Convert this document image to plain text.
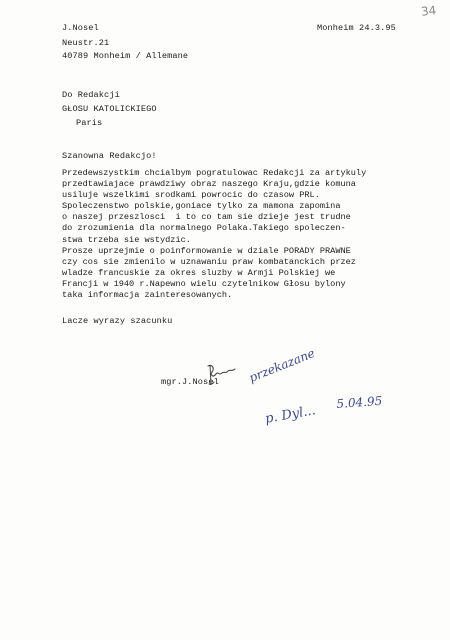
34
J.Nosel
Neustr.21
40789 Monheim / Allemane
Monheim 24.3.95
Do Redakcji
GŁOSU KATOLICKIEGO
Paris
Szanowna Redakcjo!
Przedewszystkim chcialbym pogratulowac Redakcji za artykuly
przedtawiajace prawdziwy obraz naszego Kraju,gdzie komuna
usiluje wszelkimi srodkami powrocic do czasow PRL.
Spoleczenstwo polskie,goniace tylko za mamona zapomina
o naszej przeszlosci  i to co tam sie dzieje jest trudne
do zrozumienia dla normalnego Polaka.Takiego spoleczen-
stwa trzeba sie wstydzic.
Prosze uprzejmie o poinformowanie w dziale PORADY PRAWNE
czy cos sie zmienilo w uznawaniu praw kombatanckich przez
wladze francuskie za okres sluzby w Armji Polskiej we
Francji w 1940 r.Napewno wielu czytelnikow Głosu bylony
taka informacja zainteresowanych.
Lacze wyrazy szacunku
mgr.J.Nosel przekazane
p. Dyl...
5.04.95
